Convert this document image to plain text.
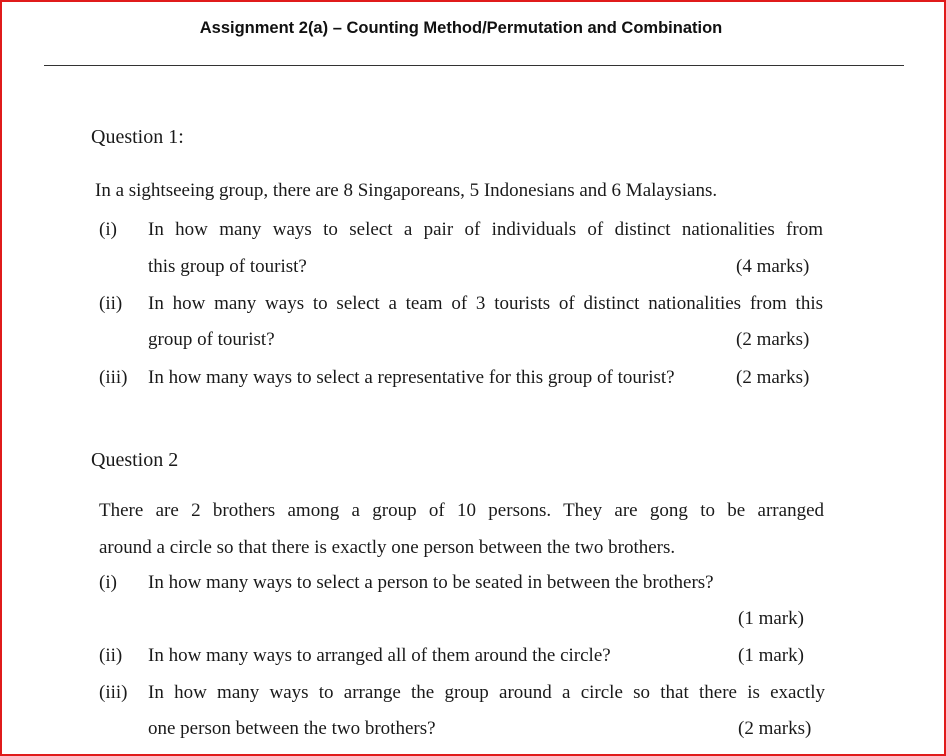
Assignment 2(a) – Counting Method/Permutation and Combination
Question 1:
In a sightseeing group, there are 8 Singaporeans, 5 Indonesians and 6 Malaysians.
(i) In how many ways to select a pair of individuals of distinct nationalities from
this group of tourist?	(4 marks)
(ii) In how many ways to select a team of 3 tourists of distinct nationalities from this
group of tourist?	(2 marks)
(iii) In how many ways to select a representative for this group of tourist?	(2 marks)
Question 2
There are 2 brothers among a group of 10 persons. They are gong to be arranged
around a circle so that there is exactly one person between the two brothers.
(i) In how many ways to select a person to be seated in between the brothers?
(1 mark)
(ii) In how many ways to arranged all of them around the circle?	(1 mark)
(iii) In how many ways to arrange the group around a circle so that there is exactly
one person between the two brothers?	(2 marks)
